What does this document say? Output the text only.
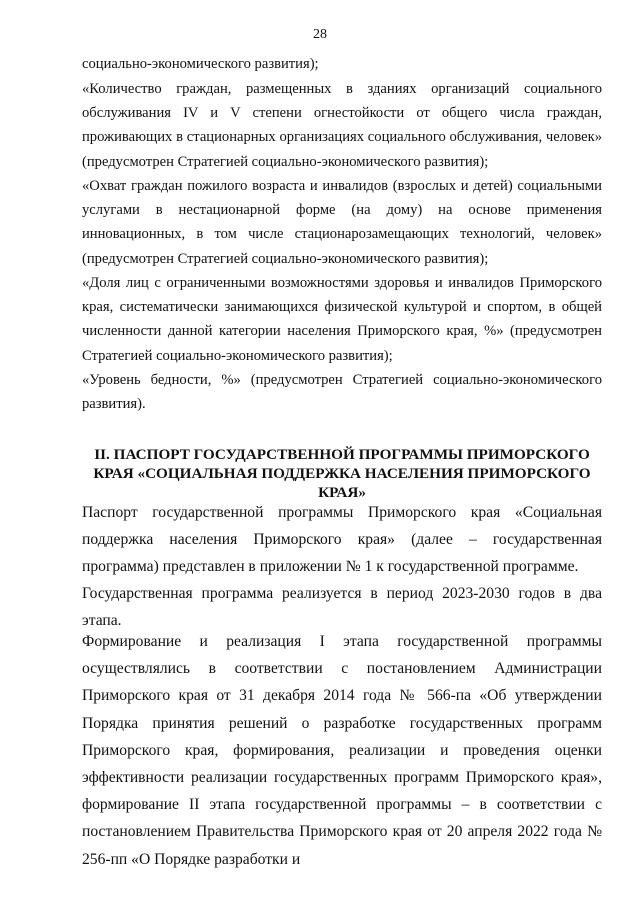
28
социально-экономического развития);
«Количество граждан, размещенных в зданиях организаций социального обслуживания IV и V степени огнестойкости от общего числа граждан, проживающих в стационарных организациях социального обслуживания, человек» (предусмотрен Стратегией социально-экономического развития);
«Охват граждан пожилого возраста и инвалидов (взрослых и детей) социальными услугами в нестационарной форме (на дому) на основе применения инновационных, в том числе стационарозамещающих технологий, человек» (предусмотрен Стратегией социально-экономического развития);
«Доля лиц с ограниченными возможностями здоровья и инвалидов Приморского края, систематически занимающихся физической культурой и спортом, в общей численности данной категории населения Приморского края, %» (предусмотрен Стратегией социально-экономического развития);
«Уровень бедности, %» (предусмотрен Стратегией социально-экономического развития).
II. ПАСПОРТ ГОСУДАРСТВЕННОЙ ПРОГРАММЫ ПРИМОРСКОГО КРАЯ «СОЦИАЛЬНАЯ ПОДДЕРЖКА НАСЕЛЕНИЯ ПРИМОРСКОГО КРАЯ»
Паспорт государственной программы Приморского края «Социальная поддержка населения Приморского края» (далее – государственная программа) представлен в приложении № 1 к государственной программе.
Государственная программа реализуется в период 2023-2030 годов в два этапа.
Формирование и реализация I этапа государственной программы осуществлялись в соответствии с постановлением Администрации Приморского края от 31 декабря 2014 года № 566-па «Об утверждении Порядка принятия решений о разработке государственных программ Приморского края, формирования, реализации и проведения оценки эффективности реализации государственных программ Приморского края», формирование II этапа государственной программы – в соответствии с постановлением Правительства Приморского края от 20 апреля 2022 года № 256-пп «О Порядке разработки и
